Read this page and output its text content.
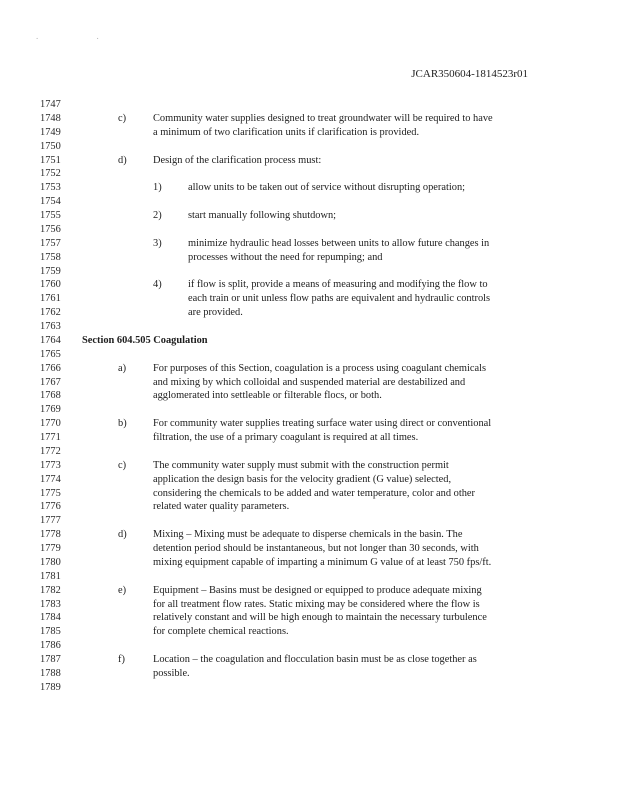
. .
JCAR350604-1814523r01
1747
1748	c)	Community water supplies designed to treat groundwater will be required to have
1749	a minimum of two clarification units if clarification is provided.
1750
1751	d)	Design of the clarification process must:
1752
1753	1)	allow units to be taken out of service without disrupting operation;
1754
1755	2)	start manually following shutdown;
1756
1757	3)	minimize hydraulic head losses between units to allow future changes in
1758	processes without the need for repumping; and
1759
1760	4)	if flow is split, provide a means of measuring and modifying the flow to
1761	each train or unit unless flow paths are equivalent and hydraulic controls
1762	are provided.
1763
1764	Section 604.505 Coagulation
1765
1766	a)	For purposes of this Section, coagulation is a process using coagulant chemicals
1767	and mixing by which colloidal and suspended material are destabilized and
1768	agglomerated into settleable or filterable flocs, or both.
1769
1770	b)	For community water supplies treating surface water using direct or conventional
1771	filtration, the use of a primary coagulant is required at all times.
1772
1773	c)	The community water supply must submit with the construction permit
1774	application the design basis for the velocity gradient (G value) selected,
1775	considering the chemicals to be added and water temperature, color and other
1776	related water quality parameters.
1777
1778	d)	Mixing – Mixing must be adequate to disperse chemicals in the basin. The
1779	detention period should be instantaneous, but not longer than 30 seconds, with
1780	mixing equipment capable of imparting a minimum G value of at least 750 fps/ft.
1781
1782	e)	Equipment – Basins must be designed or equipped to produce adequate mixing
1783	for all treatment flow rates. Static mixing may be considered where the flow is
1784	relatively constant and will be high enough to maintain the necessary turbulence
1785	for complete chemical reactions.
1786
1787	f)	Location – the coagulation and flocculation basin must be as close together as
1788	possible.
1789
